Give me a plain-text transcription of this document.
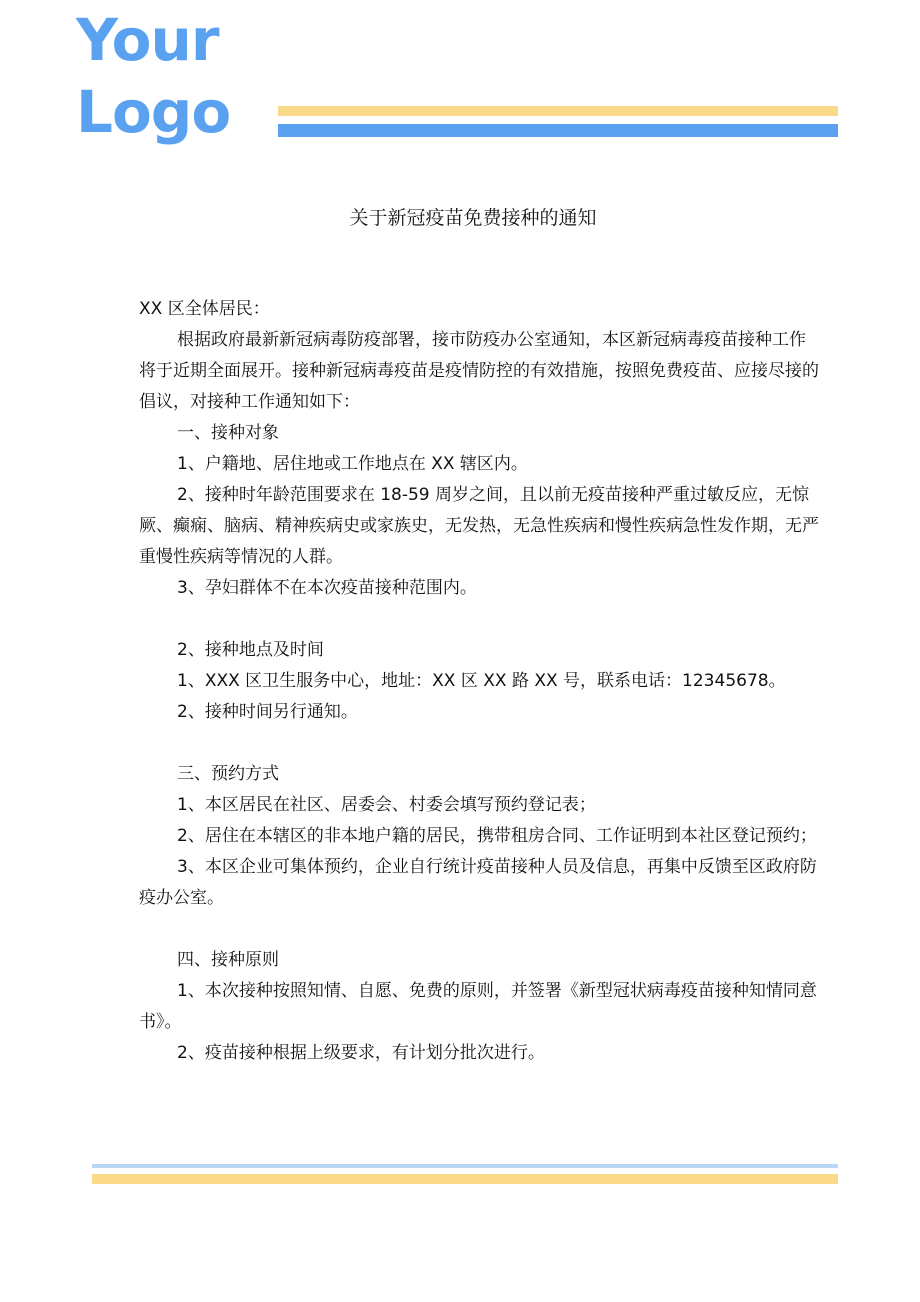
Your
Logo
关于新冠疫苗免费接种的通知

XX 区全体居民：

根据政府最新新冠病毒防疫部署，接市防疫办公室通知，本区新冠病毒疫苗接种工作将于近期全面展开。接种新冠病毒疫苗是疫情防控的有效措施，按照免费疫苗、应接尽接的倡议，对接种工作通知如下：

一、接种对象

1、户籍地、居住地或工作地点在 XX 辖区内。

2、接种时年龄范围要求在 18-59 周岁之间，且以前无疫苗接种严重过敏反应，无惊厥、癫痫、脑病、精神疾病史或家族史，无发热，无急性疾病和慢性疾病急性发作期，无严重慢性疾病等情况的人群。

3、孕妇群体不在本次疫苗接种范围内。

2、接种地点及时间

1、XXX 区卫生服务中心，地址：XX 区 XX 路 XX 号，联系电话：12345678。

2、接种时间另行通知。

三、预约方式

1、本区居民在社区、居委会、村委会填写预约登记表；

2、居住在本辖区的非本地户籍的居民，携带租房合同、工作证明到本社区登记预约；

3、本区企业可集体预约，企业自行统计疫苗接种人员及信息，再集中反馈至区政府防疫办公室。

四、接种原则

1、本次接种按照知情、自愿、免费的原则，并签署《新型冠状病毒疫苗接种知情同意书》。

2、疫苗接种根据上级要求，有计划分批次进行。
